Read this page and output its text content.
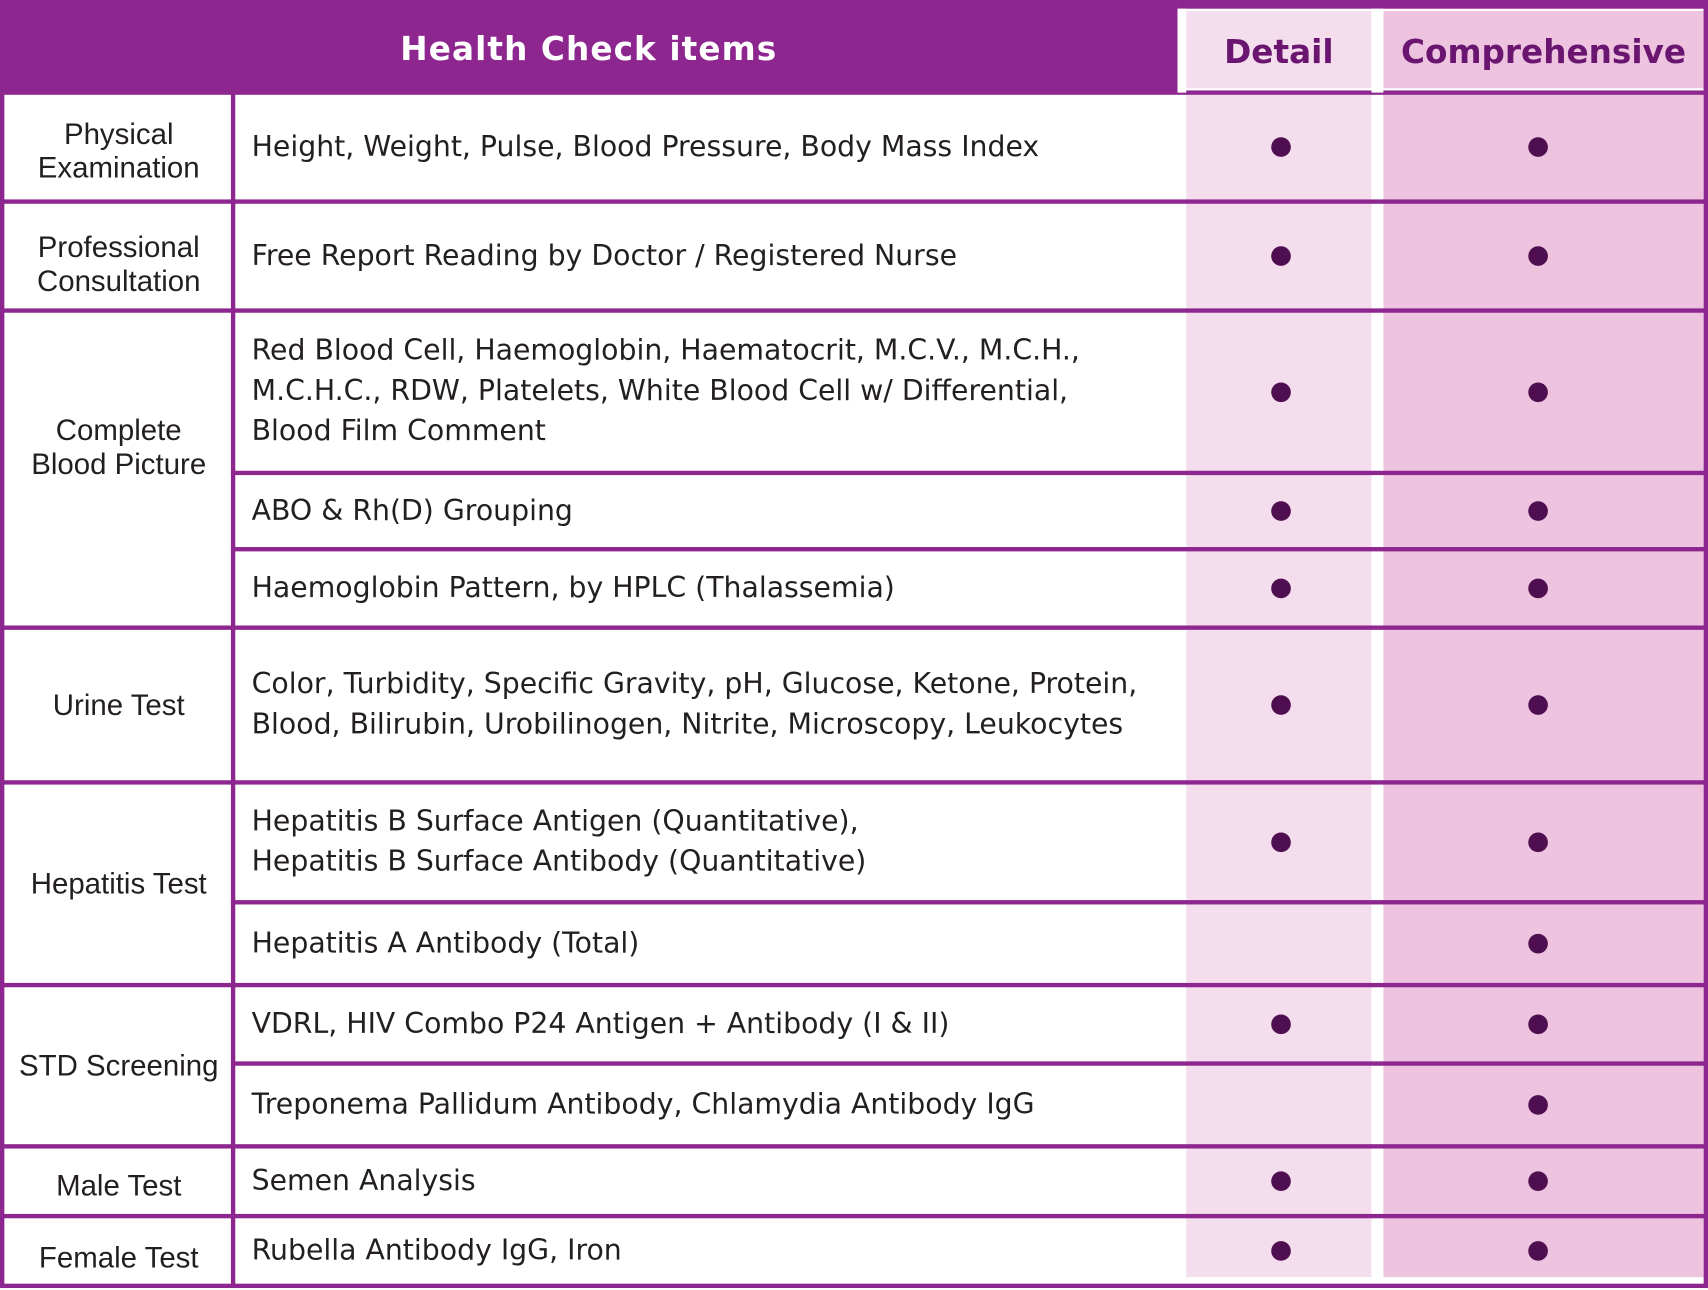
Health Check items	Detail	Comprehensive
Physical
Examination
Professional
Consultation
Complete
Blood Picture
Urine Test
Hepatitis Test
STD Screening
Male Test
Female Test
Height, Weight, Pulse, Blood Pressure, Body Mass Index
Free Report Reading by Doctor / Registered Nurse
Red Blood Cell, Haemoglobin, Haematocrit, M.C.V., M.C.H.,
M.C.H.C., RDW, Platelets, White Blood Cell w/ Differential,
Blood Film Comment
ABO & Rh(D) Grouping
Haemoglobin Pattern, by HPLC (Thalassemia)
Color, Turbidity, Specific Gravity, pH, Glucose, Ketone, Protein,
Blood, Bilirubin, Urobilinogen, Nitrite, Microscopy, Leukocytes
Hepatitis B Surface Antigen (Quantitative),
Hepatitis B Surface Antibody (Quantitative)
Hepatitis A Antibody (Total)
VDRL, HIV Combo P24 Antigen + Antibody (I & II)
Treponema Pallidum Antibody, Chlamydia Antibody IgG
Semen Analysis
Rubella Antibody IgG, Iron
